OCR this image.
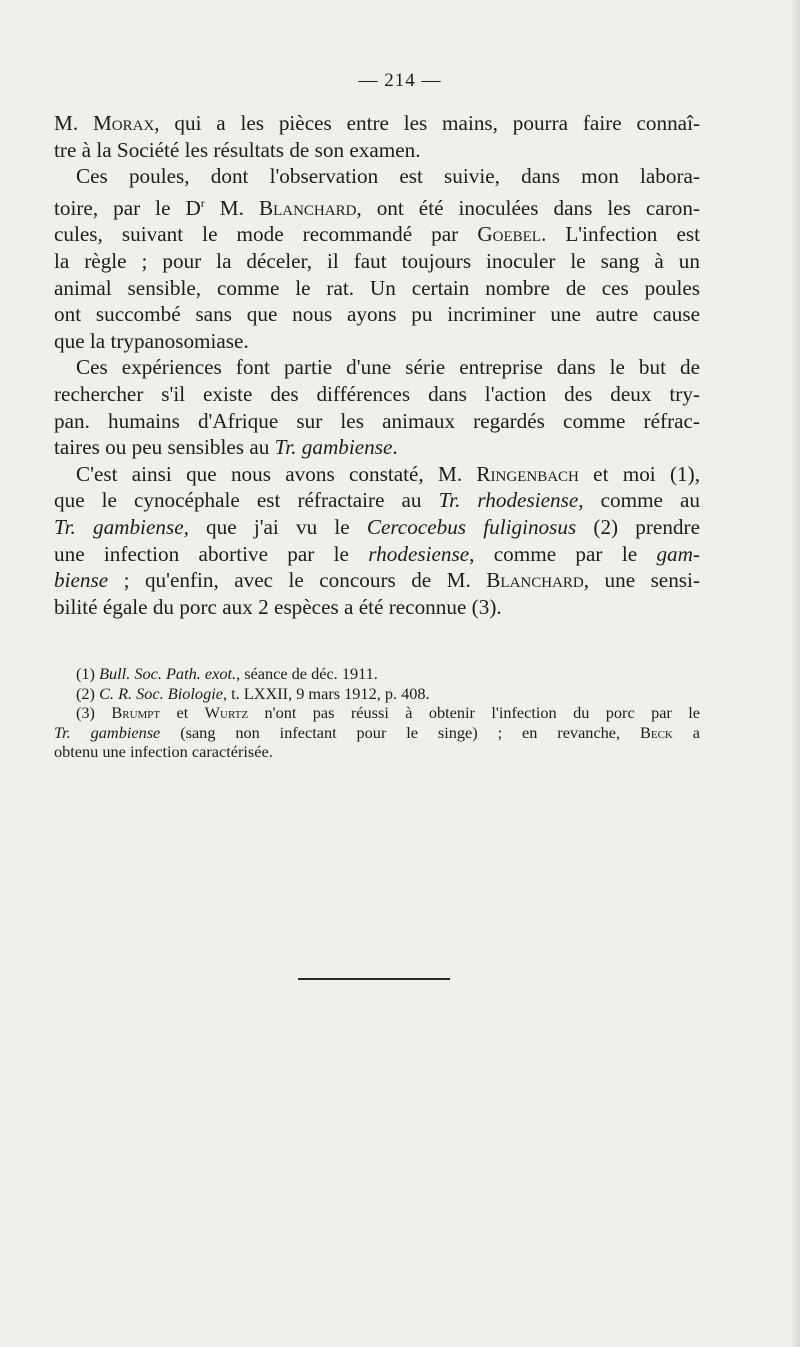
— 214 —
M. Morax, qui a les pièces entre les mains, pourra faire connaî-
tre à la Société les résultats de son examen.
Ces poules, dont l'observation est suivie, dans mon labora-
toire, par le $D^r$ M. Blanchard, ont été inoculées dans les caron-
cules, suivant le mode recommandé par Goebel. L'infection est
la règle ; pour la déceler, il faut toujours inoculer le sang à un
animal sensible, comme le rat. Un certain nombre de ces poules
ont succombé sans que nous ayons pu incriminer une autre cause
que la trypanosomiase.
Ces expériences font partie d'une série entreprise dans le but de
rechercher s'il existe des différences dans l'action des deux try-
pan. humains d'Afrique sur les animaux regardés comme réfrac-
taires ou peu sensibles au Tr. gambiense.
C'est ainsi que nous avons constaté, M. Ringenbach et moi (1),
que le cynocéphale est réfractaire au Tr. rhodesiense, comme au
Tr. gambiense, que j'ai vu le Cercocebus fuliginosus (2) prendre
une infection abortive par le rhodesiense, comme par le gam-
biense ; qu'enfin, avec le concours de M. Blanchard, une sensi-
bilité égale du porc aux 2 espèces a été reconnue (3).
(1) Bull. Soc. Path. exot., séance de déc. 1911.
(2) C. R. Soc. Biologie, t. LXXII, 9 mars 1912, p. 408.
(3) Brumpt et Wurtz n'ont pas réussi à obtenir l'infection du porc par le
Tr. gambiense (sang non infectant pour le singe) ; en revanche, Beck a
obtenu une infection caractérisée.
